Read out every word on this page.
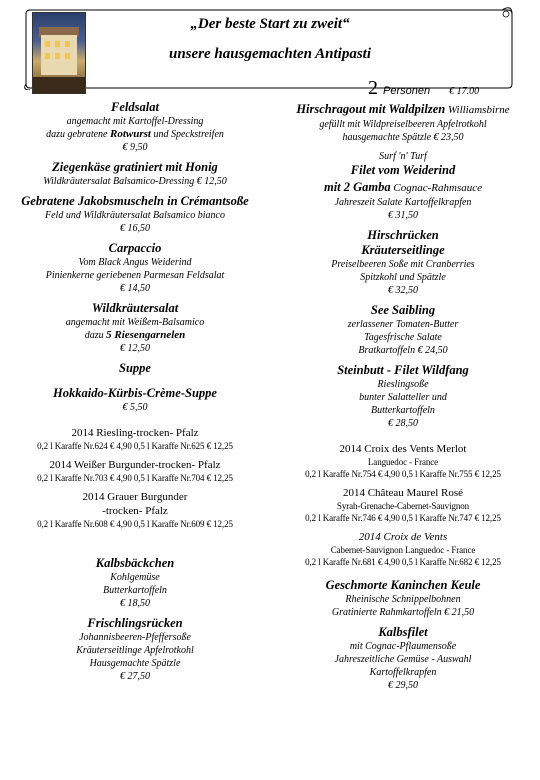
„Der beste Start zu zweit“
unsere hausgemachten Antipasti
2 Personen € 17.00
Feldsalat
angemacht mit Kartoffel-Dressing
dazu gebratene Rotwurst und Speckstreifen
€ 9,50
Ziegenkäse gratiniert mit Honig
Wildkräutersalat Balsamico-Dressing € 12,50
Gebratene Jakobsmuscheln in Crémantsoße
Feld und Wildkräutersalat Balsamico bianco
€ 16,50
Carpaccio
Vom Black Angus Weiderind
Pinienkerne geriebenen Parmesan Feldsalat
€ 14,50
Wildkräutersalat
angemacht mit Weißem-Balsamico
dazu 5 Riesengarnelen
€ 12,50
Suppe
Hokkaido-Kürbis-Crème-Suppe
€ 5,50
2014 Riesling-trocken- Pfalz
0,2 l Karaffe Nr.624 € 4,90 0,5 l Karaffe Nr.625 € 12,25
2014 Weißer Burgunder-trocken- Pfalz
0,2 l Karaffe Nr.703 € 4,90 0,5 l Karaffe Nr.704 € 12,25
2014 Grauer Burgunder
-trocken- Pfalz
0,2 l Karaffe Nr.608 € 4,90 0,5 l Karaffe Nr.609 € 12,25
Kalbsbäckchen
Kohlgemüse
Butterkartoffeln
€ 18,50
Frischlingsrücken
Johannisbeeren-Pfeffersoße
Kräuterseitlinge Apfelrotkohl
Hausgemachte Spätzle
€ 27,50
Hirschragout mit Waldpilzen Williamsbirne
gefüllt mit Wildpreiselbeeren Apfelrotkohl
hausgemachte Spätzle € 23,50
Surf 'n' Turf
Filet vom Weiderind
mit 2 Gamba Cognac-Rahmsauce
Jahreszeit Salate Kartoffelkrapfen
€ 31,50
Hirschrücken
Kräuterseitlinge
Preiselbeeren Soße mit Cranberries
Spitzkohl und Spätzle
€ 32,50
See Saibling
zerlassener Tomaten-Butter
Tagesfrische Salate
Bratkartoffeln € 24,50
Steinbutt - Filet Wildfang
Rieslingsoße
bunter Salatteller und
Butterkartoffeln
€ 28,50
2014 Croix des Vents Merlot
Languedoc - France
0,2 l Karaffe Nr.754 € 4,90 0,5 l Karaffe Nr.755 € 12,25
2014 Château Maurel Rosé
Syrah-Grenache-Cabernet-Sauvignon
0,2 l Karaffe Nr.746 € 4,90 0,5 l Karaffe Nr.747 € 12,25
2014 Croix de Vents
Cabernet-Sauvignon Languedoc - France
0,2 l Karaffe Nr.681 € 4,90 0,5 l Karaffe Nr.682 € 12,25
Geschmorte Kaninchen Keule
Rheinische Schnippelbohnen
Gratinierte Rahmkartoffeln € 21,50
Kalbsfilet
mit Cognac-Pflaumensoße
Jahreszeitliche Gemüse - Auswahl
Kartoffelkrapfen
€ 29,50
